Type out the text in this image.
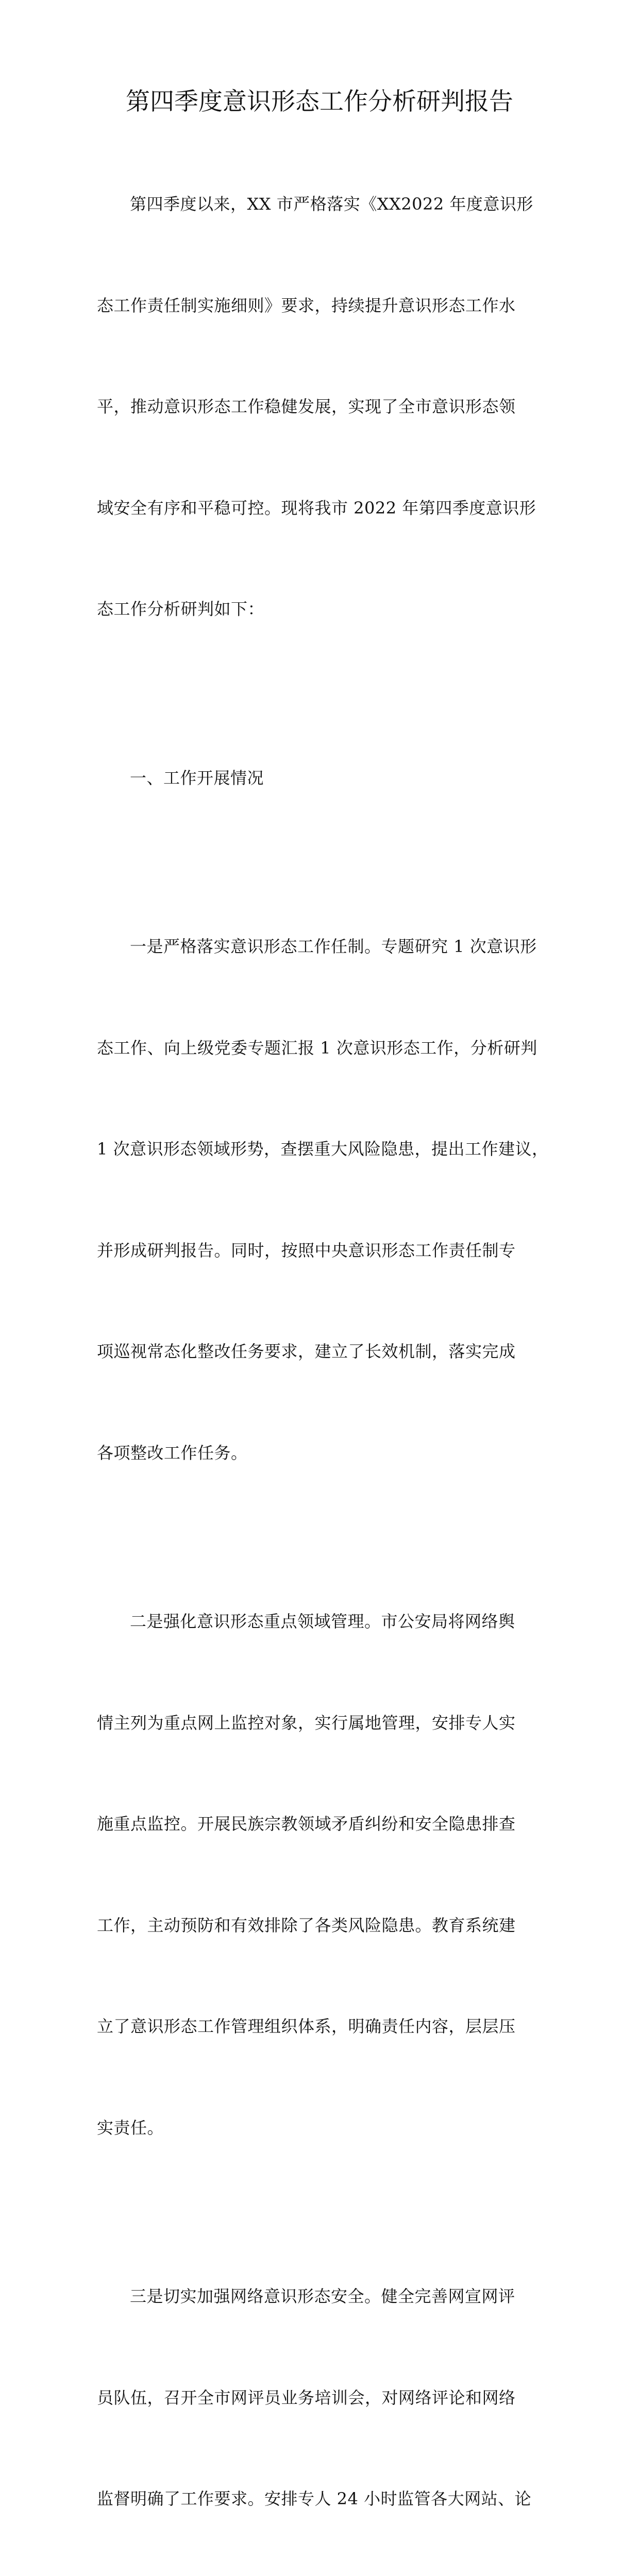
第四季度意识形态工作分析研判报告

第四季度以来，XX 市严格落实《XX2022 年度意识形

态工作责任制实施细则》要求，持续提升意识形态工作水

平，推动意识形态工作稳健发展，实现了全市意识形态领

域安全有序和平稳可控。现将我市 2022 年第四季度意识形

态工作分析研判如下：

一、工作开展情况

一是严格落实意识形态工作任制。专题研究 1 次意识形

态工作、向上级党委专题汇报 1 次意识形态工作，分析研判

1 次意识形态领域形势，查摆重大风险隐患，提出工作建议，

并形成研判报告。同时，按照中央意识形态工作责任制专

项巡视常态化整改任务要求，建立了长效机制，落实完成

各项整改工作任务。

二是强化意识形态重点领域管理。市公安局将网络舆

情主列为重点网上监控对象，实行属地管理，安排专人实

施重点监控。开展民族宗教领域矛盾纠纷和安全隐患排查

工作，主动预防和有效排除了各类风险隐患。教育系统建

立了意识形态工作管理组织体系，明确责任内容，层层压

实责任。

三是切实加强网络意识形态安全。健全完善网宣网评

员队伍，召开全市网评员业务培训会，对网络评论和网络

监督明确了工作要求。安排专人 24 小时监管各大网站、论
